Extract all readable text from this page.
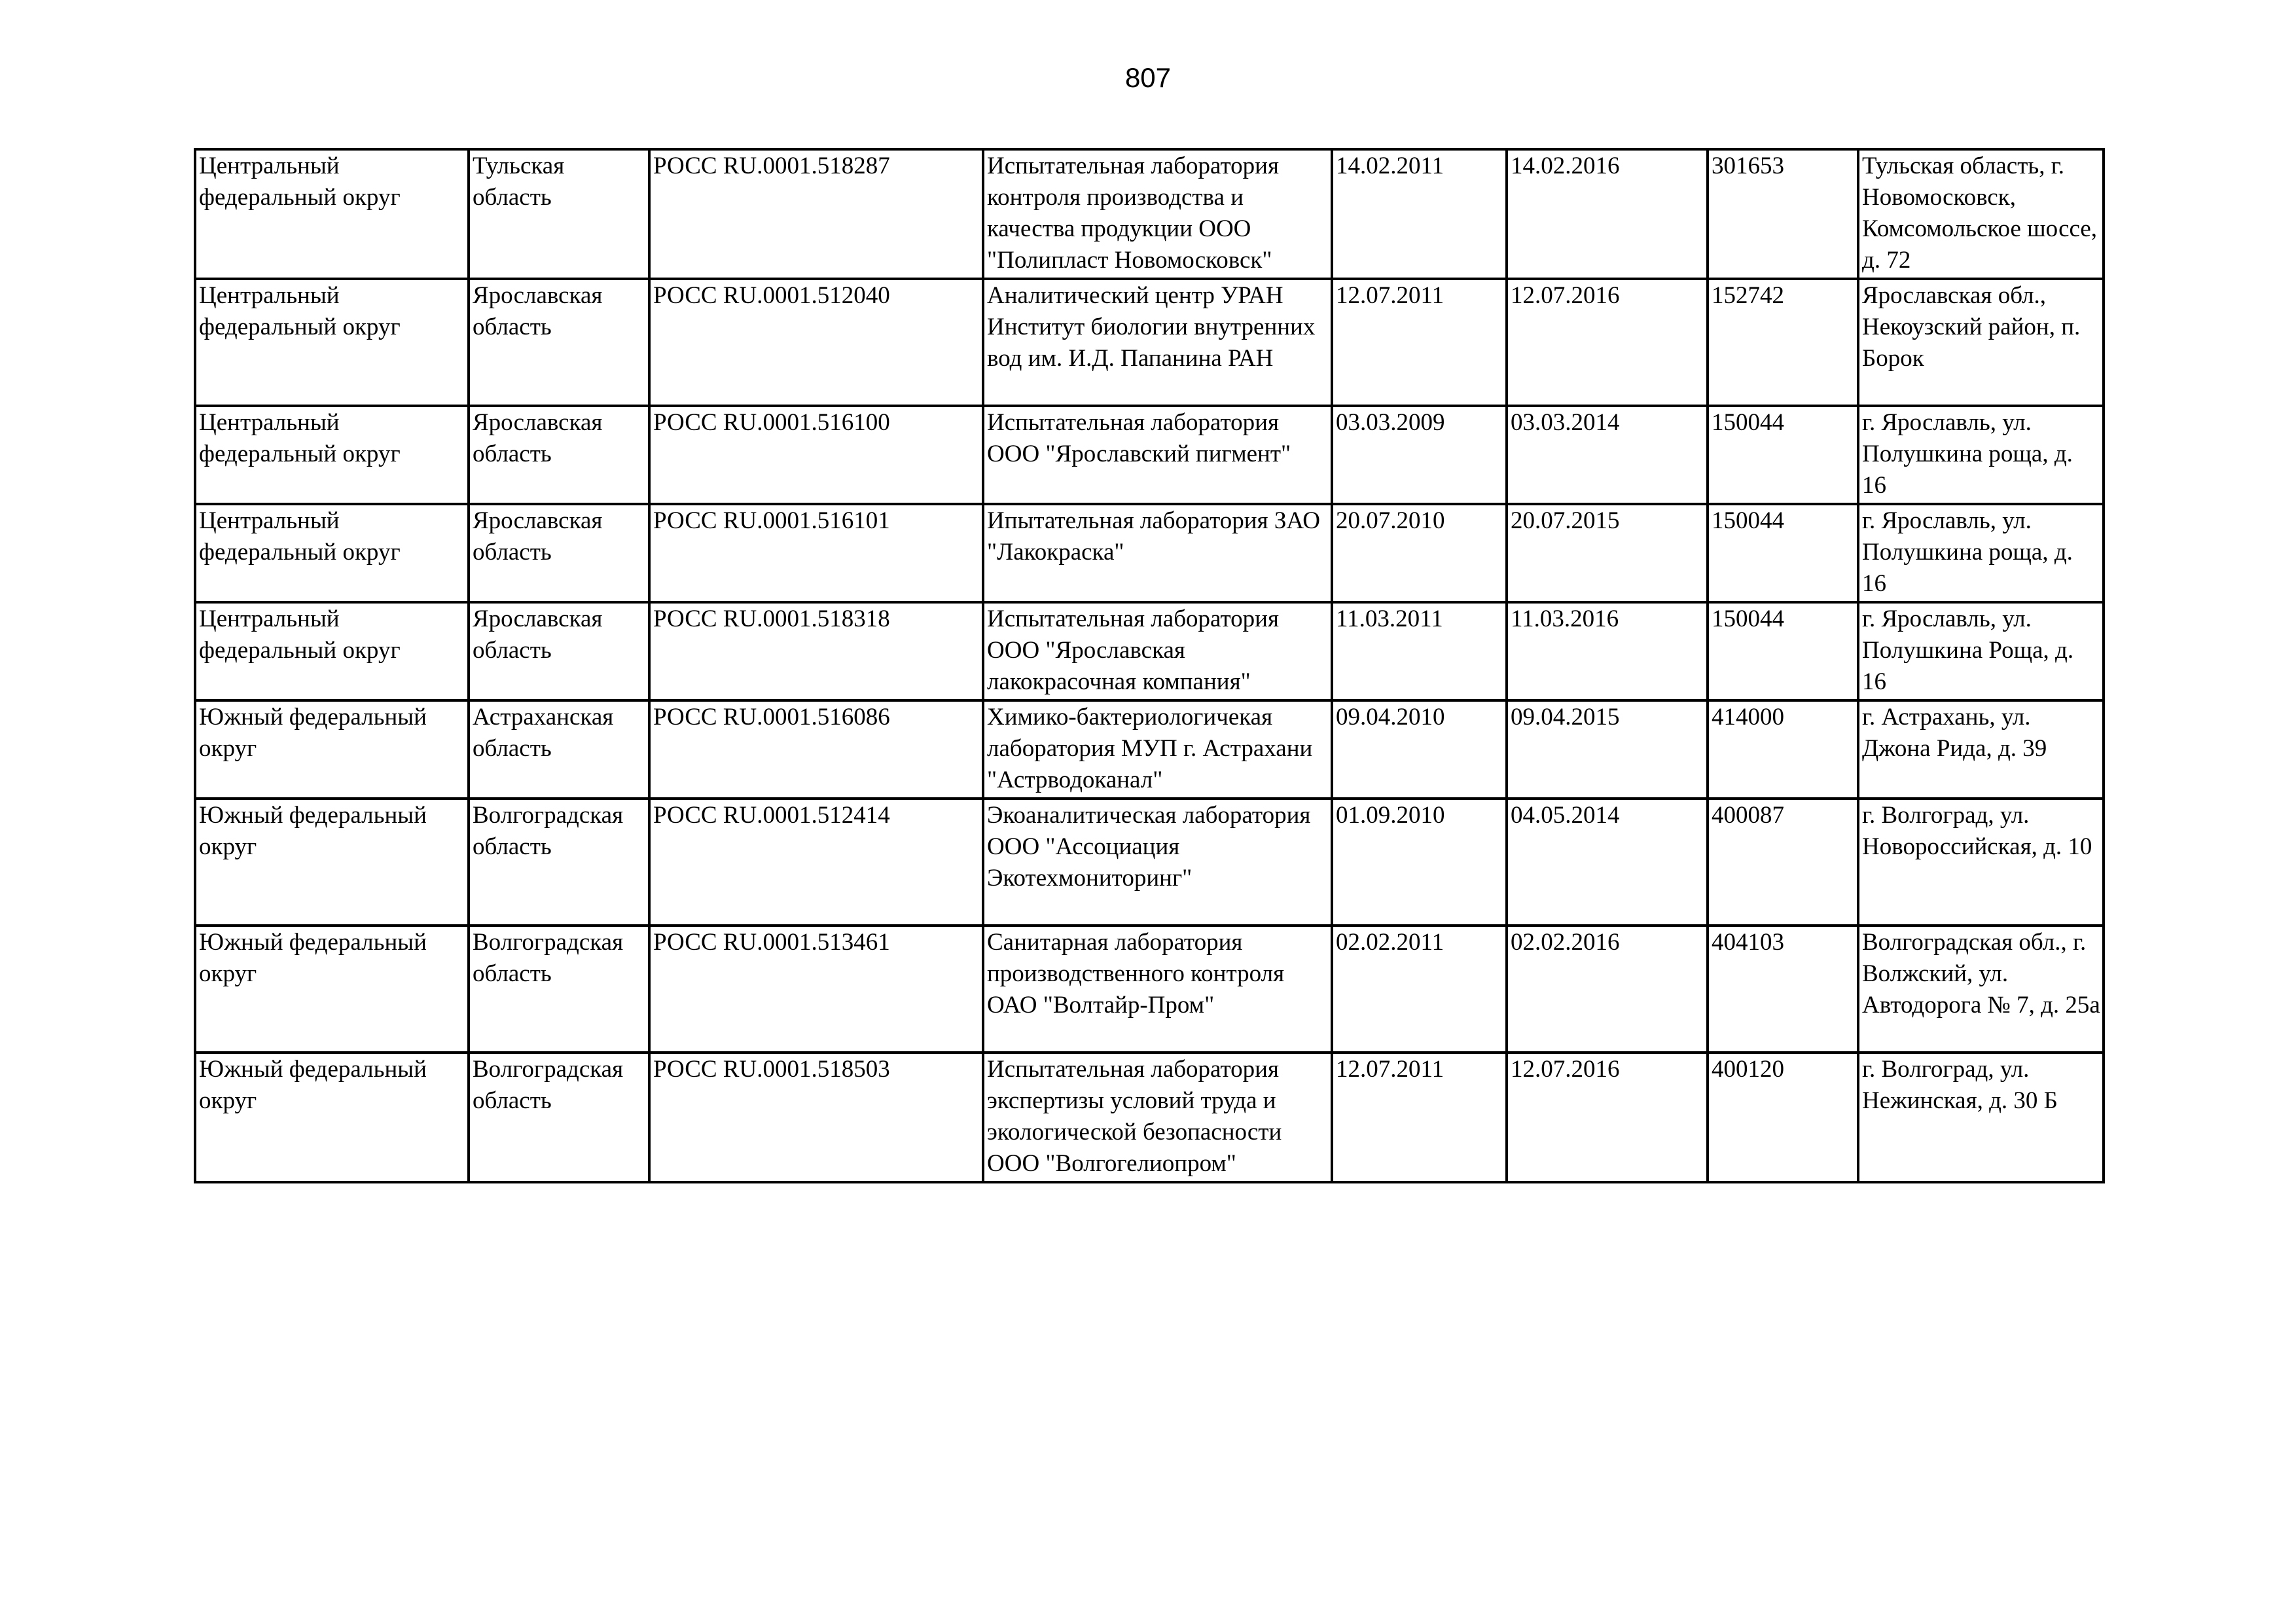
807
Центральный федеральный округ	Тульская область	РОСС RU.0001.518287	Испытательная лаборатория контроля производства и качества продукции ООО "Полипласт Новомосковск"	14.02.2011	14.02.2016	301653	Тульская область, г. Новомосковск, Комсомольское шоссе, д. 72
Центральный федеральный округ	Ярославская область	РОСС RU.0001.512040	Аналитический центр УРАН Институт биологии внутренних вод им. И.Д. Папанина РАН	12.07.2011	12.07.2016	152742	Ярославская обл., Некоузский район, п. Борок
Центральный федеральный округ	Ярославская область	РОСС RU.0001.516100	Испытательная лаборатория ООО "Ярославский пигмент"	03.03.2009	03.03.2014	150044	г. Ярославль, ул. Полушкина роща, д. 16
Центральный федеральный округ	Ярославская область	РОСС RU.0001.516101	Ипытательная лаборатория ЗАО "Лакокраска"	20.07.2010	20.07.2015	150044	г. Ярославль, ул. Полушкина роща, д. 16
Центральный федеральный округ	Ярославская область	РОСС RU.0001.518318	Испытательная лаборатория ООО "Ярославская лакокрасочная компания"	11.03.2011	11.03.2016	150044	г. Ярославль, ул. Полушкина Роща, д. 16
Южный федеральный округ	Астраханская область	РОСС RU.0001.516086	Химико-бактериологичекая лаборатория МУП г. Астрахани "Астрводоканал"	09.04.2010	09.04.2015	414000	г. Астрахань, ул. Джона Рида, д. 39
Южный федеральный округ	Волгоградская область	РОСС RU.0001.512414	Экоаналитическая лаборатория ООО "Ассоциация Экотехмониторинг"	01.09.2010	04.05.2014	400087	г. Волгоград, ул. Новороссийская, д. 10
Южный федеральный округ	Волгоградская область	РОСС RU.0001.513461	Санитарная лаборатория производственного контроля ОАО "Волтайр-Пром"	02.02.2011	02.02.2016	404103	Волгоградская обл., г. Волжский, ул. Автодорога № 7, д. 25а
Южный федеральный округ	Волгоградская область	РОСС RU.0001.518503	Испытательная лаборатория экспертизы условий труда и экологической безопасности ООО "Волгогелиопром"	12.07.2011	12.07.2016	400120	г. Волгоград, ул. Нежинская, д. 30 Б
